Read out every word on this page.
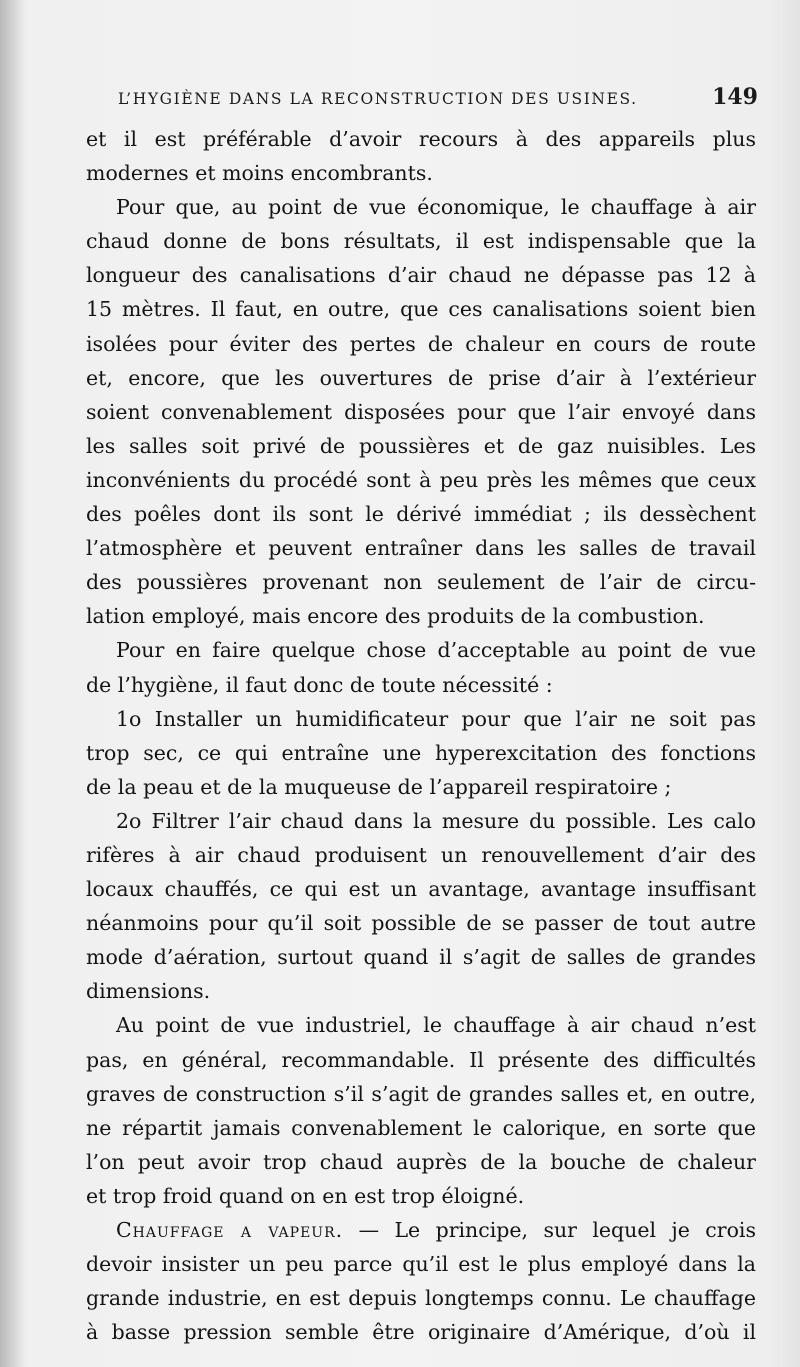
L’HYGIÈNE DANS LA RECONSTRUCTION DES USINES.	149
et il est préférable d’avoir recours à des appareils plus
modernes et moins encombrants.
Pour que, au point de vue économique, le chauffage à air
chaud donne de bons résultats, il est indispensable que la
longueur des canalisations d’air chaud ne dépasse pas 12 à
15 mètres. Il faut, en outre, que ces canalisations soient bien
isolées pour éviter des pertes de chaleur en cours de route
et, encore, que les ouvertures de prise d’air à l’extérieur
soient convenablement disposées pour que l’air envoyé dans
les salles soit privé de poussières et de gaz nuisibles. Les
inconvénients du procédé sont à peu près les mêmes que ceux
des poêles dont ils sont le dérivé immédiat ; ils dessèchent
l’atmosphère et peuvent entraîner dans les salles de travail
des poussières provenant non seulement de l’air de circu-
lation employé, mais encore des produits de la combustion.
Pour en faire quelque chose d’acceptable au point de vue
de l’hygiène, il faut donc de toute nécessité :
1o Installer un humidificateur pour que l’air ne soit pas
trop sec, ce qui entraîne une hyperexcitation des fonctions
de la peau et de la muqueuse de l’appareil respiratoire ;
2o Filtrer l’air chaud dans la mesure du possible. Les calo
rifères à air chaud produisent un renouvellement d’air des
locaux chauffés, ce qui est un avantage, avantage insuffisant
néanmoins pour qu’il soit possible de se passer de tout autre
mode d’aération, surtout quand il s’agit de salles de grandes
dimensions.
Au point de vue industriel, le chauffage à air chaud n’est
pas, en général, recommandable. Il présente des difficultés
graves de construction s’il s’agit de grandes salles et, en outre,
ne répartit jamais convenablement le calorique, en sorte que
l’on peut avoir trop chaud auprès de la bouche de chaleur
et trop froid quand on en est trop éloigné.
Chauffage a vapeur. — Le principe, sur lequel je crois
devoir insister un peu parce qu’il est le plus employé dans la
grande industrie, en est depuis longtemps connu. Le chauffage
à basse pression semble être originaire d’Amérique, d’où il
